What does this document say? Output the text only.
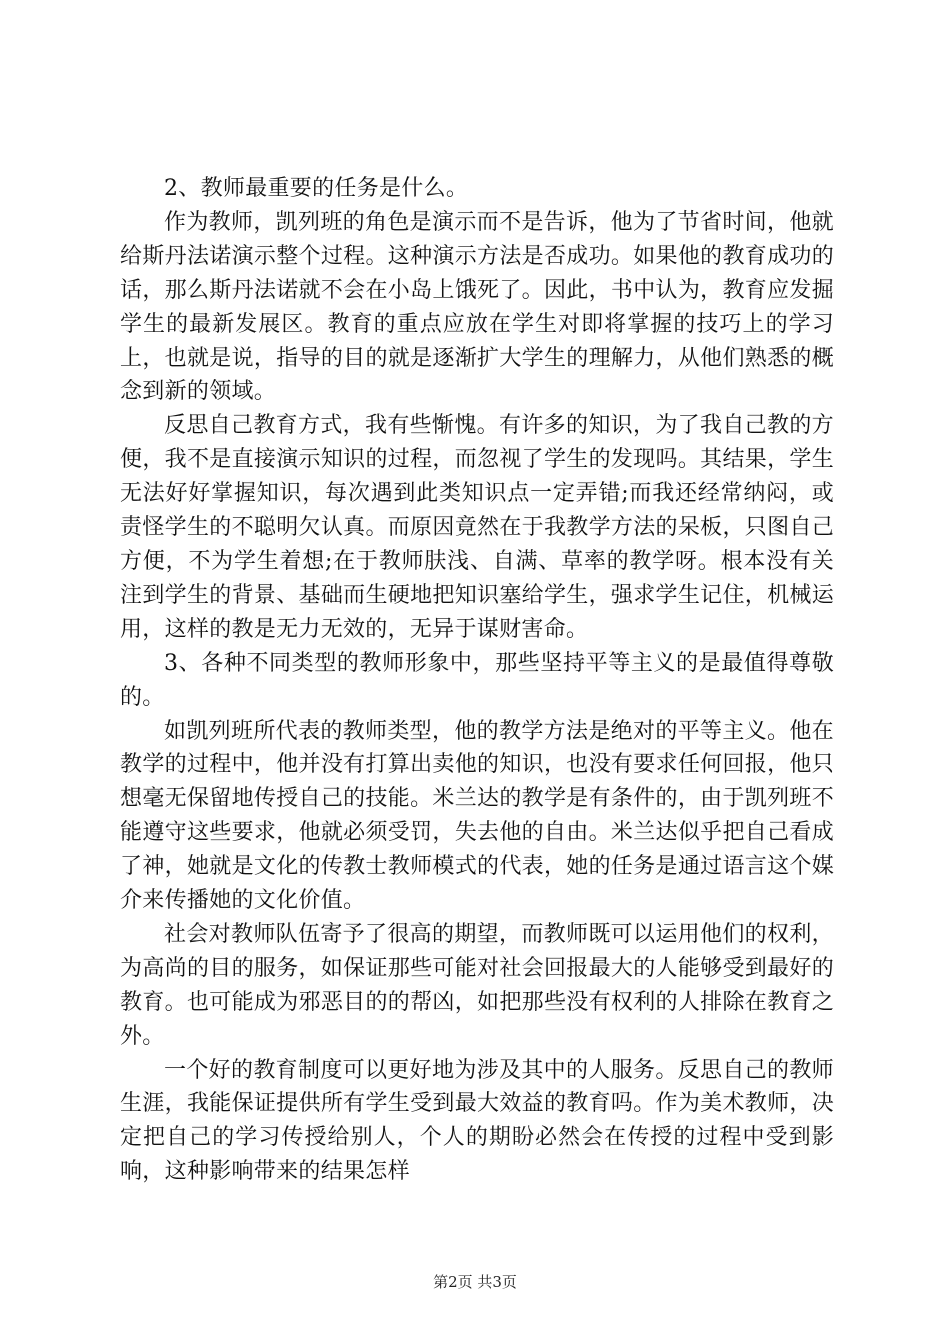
2、教师最重要的任务是什么。

作为教师，凯列班的角色是演示而不是告诉，他为了节省时间，他就给斯丹法诺演示整个过程。这种演示方法是否成功。如果他的教育成功的话，那么斯丹法诺就不会在小岛上饿死了。因此，书中认为，教育应发掘学生的最新发展区。教育的重点应放在学生对即将掌握的技巧上的学习上，也就是说，指导的目的就是逐渐扩大学生的理解力，从他们熟悉的概念到新的领域。

反思自己教育方式，我有些惭愧。有许多的知识，为了我自己教的方便，我不是直接演示知识的过程，而忽视了学生的发现吗。其结果，学生无法好好掌握知识，每次遇到此类知识点一定弄错;而我还经常纳闷，或责怪学生的不聪明欠认真。而原因竟然在于我教学方法的呆板，只图自己方便，不为学生着想;在于教师肤浅、自满、草率的教学呀。根本没有关注到学生的背景、基础而生硬地把知识塞给学生，强求学生记住，机械运用，这样的教是无力无效的，无异于谋财害命。

3、各种不同类型的教师形象中，那些坚持平等主义的是最值得尊敬的。

如凯列班所代表的教师类型，他的教学方法是绝对的平等主义。他在教学的过程中，他并没有打算出卖他的知识，也没有要求任何回报，他只想毫无保留地传授自己的技能。米兰达的教学是有条件的，由于凯列班不能遵守这些要求，他就必须受罚，失去他的自由。米兰达似乎把自己看成了神，她就是文化的传教士教师模式的代表，她的任务是通过语言这个媒介来传播她的文化价值。

社会对教师队伍寄予了很高的期望，而教师既可以运用他们的权利，为高尚的目的服务，如保证那些可能对社会回报最大的人能够受到最好的教育。也可能成为邪恶目的的帮凶，如把那些没有权利的人排除在教育之外。

一个好的教育制度可以更好地为涉及其中的人服务。反思自己的教师生涯，我能保证提供所有学生受到最大效益的教育吗。作为美术教师，决定把自己的学习传授给别人，个人的期盼必然会在传授的过程中受到影响，这种影响带来的结果怎样

第2页 共3页
